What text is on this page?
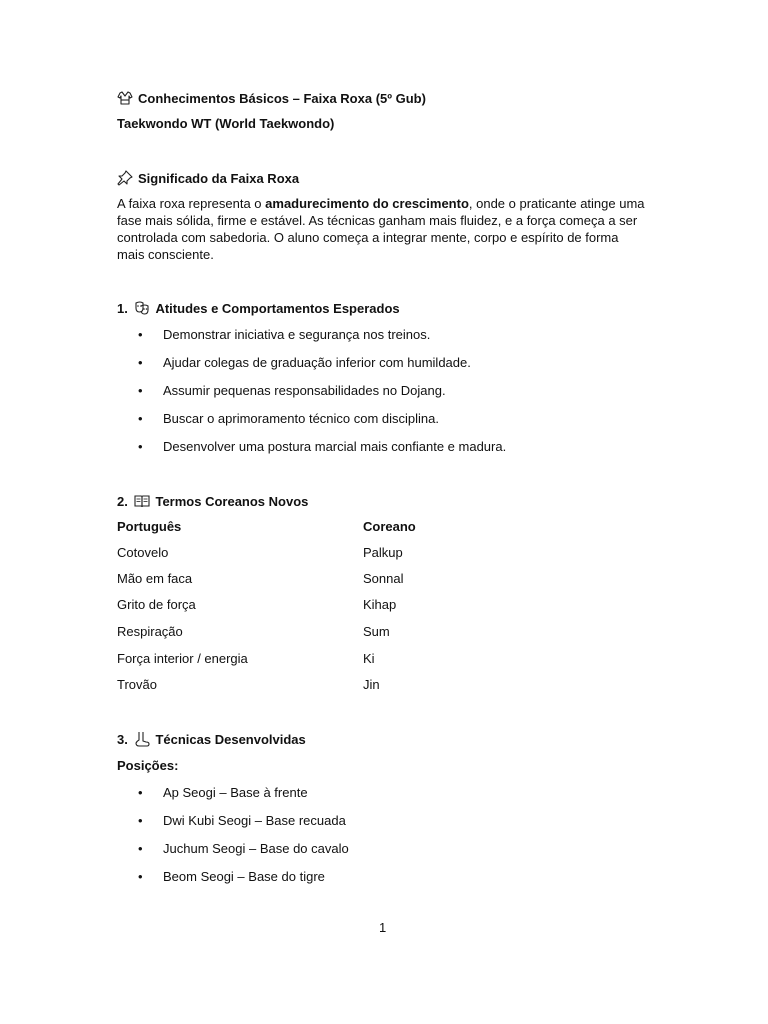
Conhecimentos Básicos – Faixa Roxa (5º Gub)
Taekwondo WT (World Taekwondo)
Significado da Faixa Roxa
A faixa roxa representa o amadurecimento do crescimento, onde o praticante atinge uma
fase mais sólida, firme e estável. As técnicas ganham mais fluidez, e a força começa a ser
controlada com sabedoria. O aluno começa a integrar mente, corpo e espírito de forma
mais consciente.
1. Atitudes e Comportamentos Esperados
• Demonstrar iniciativa e segurança nos treinos.
• Ajudar colegas de graduação inferior com humildade.
• Assumir pequenas responsabilidades no Dojang.
• Buscar o aprimoramento técnico com disciplina.
• Desenvolver uma postura marcial mais confiante e madura.
2. Termos Coreanos Novos
Português	Coreano
Cotovelo	Palkup
Mão em faca	Sonnal
Grito de força	Kihap
Respiração	Sum
Força interior / energia	Ki
Trovão	Jin
3. Técnicas Desenvolvidas
Posições:
• Ap Seogi – Base à frente
• Dwi Kubi Seogi – Base recuada
• Juchum Seogi – Base do cavalo
• Beom Seogi – Base do tigre
1
